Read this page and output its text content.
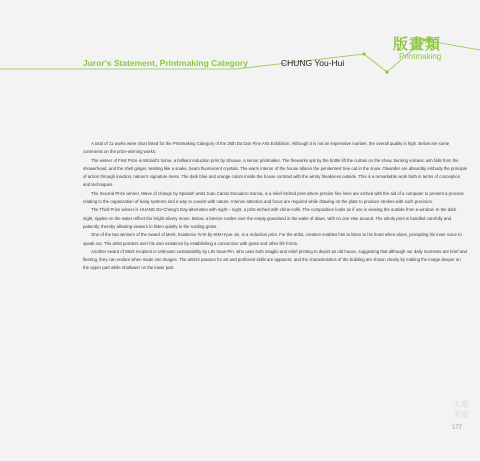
版畫類
Printmaking
Juror's Statement, Printmaking Category	CHUNG You-Hui

A total of 11 works were short listed for the Printmaking Category of the 26th Da Dun Fine Arts Exhibition. Although it is not an impressive number, the overall quality is high. Below are some comments on the prize-winning works:

The winner of First Prize is Wizard's home, a brilliant reduction print by Shuxue, a senior printmaker. The fireworks spit by the bottle lift the curtain on the show, burning volcanic ash falls from the showerhead, and the shell ginger, twisting like a snake, bears fluorescent crystals. The warm interior of the house allures the penitentest tree out in the snow. Oleander are absurdity embody the principle of action through inaction, nature's signature mess. The dark blue and orange colors inside the house contrast with the wintry bleakness outside. This is a remarkable work both in terms of conception and techniques.

The Second Prize winner, Wave of change by Spanish artist Juan Carlos Escudero Garcia, is a relief etched print where precise fine lines are etched with the aid of a computer to present a process relating to the organization of living systems and a way to coexist with nature. Intense attention and focus are required while drawing on the plate to produce strokes with such precision.

The Third Prize winner is HUANG De-Cheng's Day alternates with night – night, a print etched with chine-collé. The composition looks as if one is viewing the outside from a window. In the dark night, ripples on the water reflect the bright silvery moon. Below, a breeze rustles over the empty grassland in the wake of dawn, with no one else around. The whole print is handled carefully and patiently, thereby allowing viewers to listen quietly to the rustling grass.

One of the two winners of the Award of Merit, Existence IV-III by KIM Hyun-Jin, is a reduction print. For the artist, creation enables him to listen to his heart when alone, prompting his inner voice to speak out. The artist ponders over his own existence by establishing a connection with grass and other life forms.

Another Award of Merit recipient is Unknown sustainability by LIN Xuan-Pin, who uses both intaglio and relief printing to depict an old house, suggesting that although our daily moments are brief and fleeting, they can endure when made into images. The artist's passion for art and proficient skills are apparent, and the characteristics of the building are shown clearly by making the image deeper on the upper part while shallower on the lower part.

大墩
美展
177
